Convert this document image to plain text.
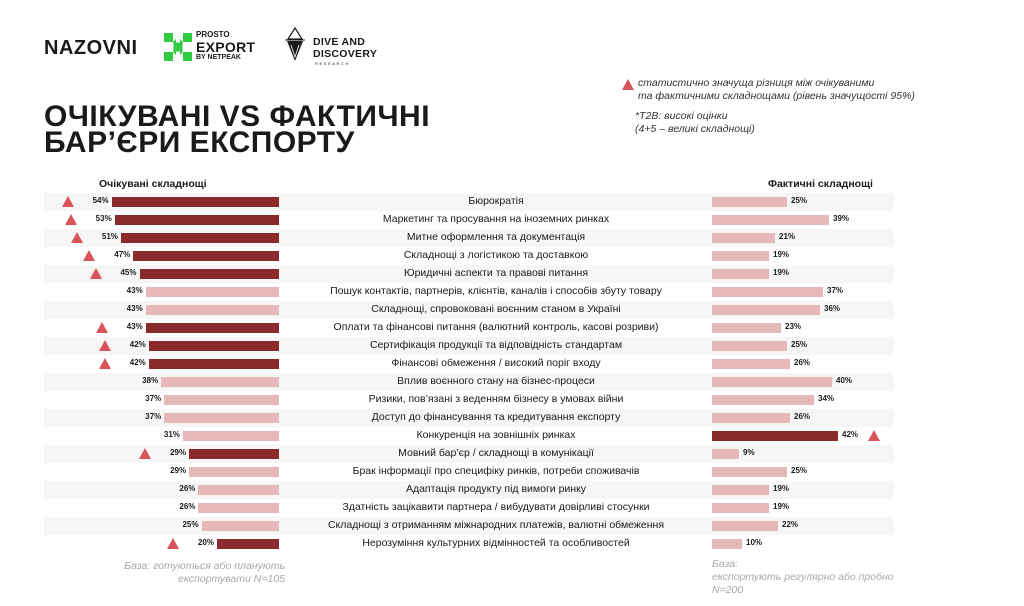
NAZOVNI
PROSTO
EXPORT
BY NETPEAK
DIVE AND
DISCOVERY
RESEARCH
ОЧІКУВАНІ VS ФАКТИЧНІ
БАР’ЄРИ ЕКСПОРТУ
статистично значуща різниця між очікуваними
та фактичними складнощами (рівень значущості 95%)
*T2B: високі оцінки
(4+5 – великі складнощі)
Очікувані складнощі	Фактичні складнощі
54%	Бюрократія	25%
53%	Маркетинг та просування на іноземних ринках	39%
51%	Митне оформлення та документація	21%
47%	Складнощі з логістикою та доставкою	19%
45%	Юридичні аспекти та правові питання	19%
43%	Пошук контактів, партнерів, клієнтів, каналів і способів збуту товару	37%
43%	Складнощі, спровоковані воєнним станом в Україні	36%
43%	Оплати та фінансові питання (валютний контроль, касові розриви)	23%
42%	Сертифікація продукції та відповідність стандартам	25%
42%	Фінансові обмеження / високий поріг входу	26%
38%	Вплив воєнного стану на бізнес-процеси	40%
37%	Ризики, пов’язані з веденням бізнесу в умовах війни	34%
37%	Доступ до фінансування та кредитування експорту	26%
31%	Конкуренція на зовнішніх ринках	42%
29%	Мовний бар’єр / складнощі в комунікації	9%
29%	Брак інформації про специфіку ринків, потреби споживачів	25%
26%	Адаптація продукту під вимоги ринку	19%
26%	Здатність зацікавити партнера / вибудувати довірливі стосунки	19%
25%	Складнощі з отриманням міжнародних платежів, валютні обмеження	22%
20%	Нерозуміння культурних відмінностей та особливостей	10%
База: готуються або планують
експортувати N=105
База:
експортують регулярно або пробно
N=200
